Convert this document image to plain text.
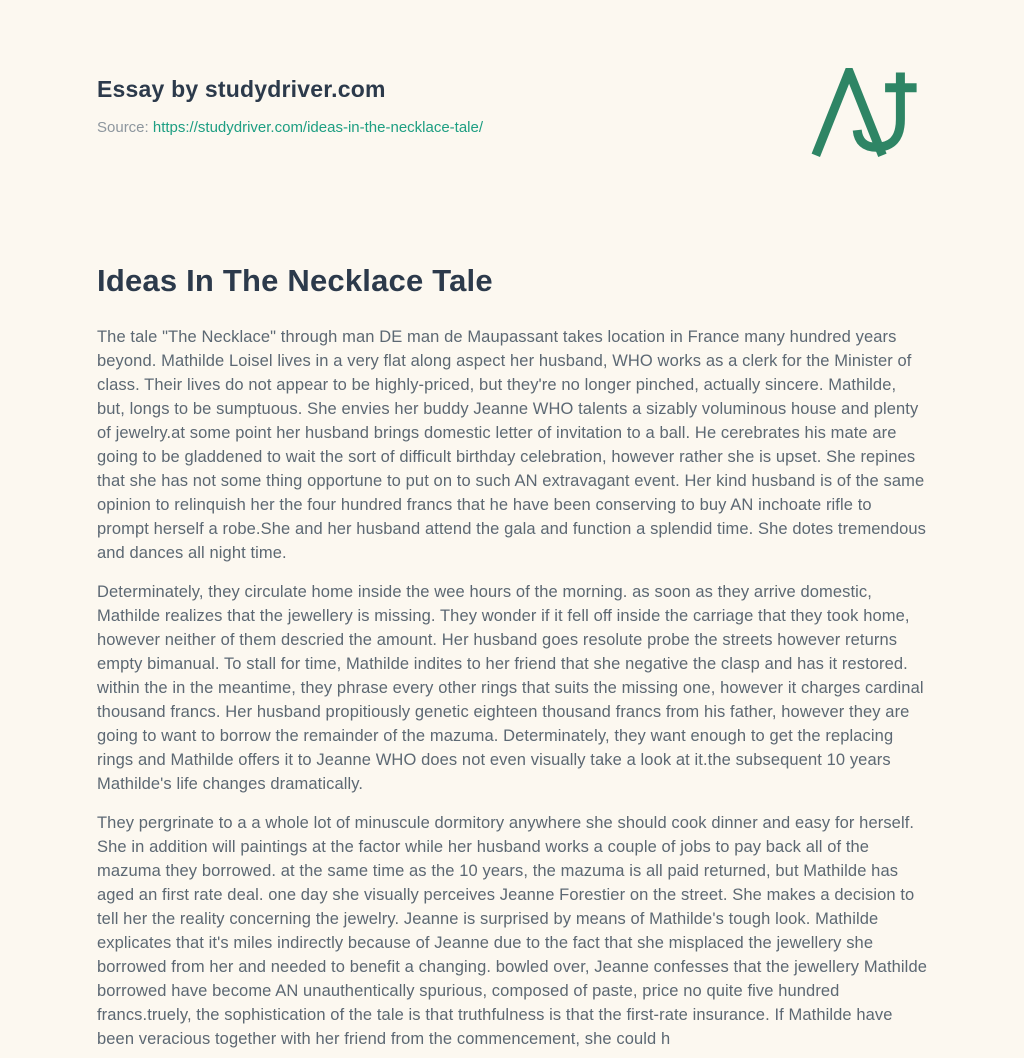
Essay by studydriver.com

Source: https://studydriver.com/ideas-in-the-necklace-tale/

Ideas In The Necklace Tale

The tale "The Necklace" through man DE man de Maupassant takes location in France many hundred years beyond. Mathilde Loisel lives in a very flat along aspect her husband, WHO works as a clerk for the Minister of class. Their lives do not appear to be highly-priced, but they're no longer pinched, actually sincere. Mathilde, but, longs to be sumptuous. She envies her buddy Jeanne WHO talents a sizably voluminous house and plenty of jewelry.at some point her husband brings domestic letter of invitation to a ball. He cerebrates his mate are going to be gladdened to wait the sort of difficult birthday celebration, however rather she is upset. She repines that she has not some thing opportune to put on to such AN extravagant event. Her kind husband is of the same opinion to relinquish her the four hundred francs that he have been conserving to buy AN inchoate rifle to prompt herself a robe.She and her husband attend the gala and function a splendid time. She dotes tremendous and dances all night time.

Determinately, they circulate home inside the wee hours of the morning. as soon as they arrive domestic, Mathilde realizes that the jewellery is missing. They wonder if it fell off inside the carriage that they took home, however neither of them descried the amount. Her husband goes resolute probe the streets however returns empty bimanual. To stall for time, Mathilde indites to her friend that she negative the clasp and has it restored. within the in the meantime, they phrase every other rings that suits the missing one, however it charges cardinal thousand francs. Her husband propitiously genetic eighteen thousand francs from his father, however they are going to want to borrow the remainder of the mazuma. Determinately, they want enough to get the replacing rings and Mathilde offers it to Jeanne WHO does not even visually take a look at it.the subsequent 10 years Mathilde's life changes dramatically.

They pergrinate to a a whole lot of minuscule dormitory anywhere she should cook dinner and easy for herself. She in addition will paintings at the factor while her husband works a couple of jobs to pay back all of the mazuma they borrowed. at the same time as the 10 years, the mazuma is all paid returned, but Mathilde has aged an first rate deal. one day she visually perceives Jeanne Forestier on the street. She makes a decision to tell her the reality concerning the jewelry. Jeanne is surprised by means of Mathilde's tough look. Mathilde explicates that it's miles indirectly because of Jeanne due to the fact that she misplaced the jewellery she borrowed from her and needed to benefit a changing. bowled over, Jeanne confesses that the jewellery Mathilde borrowed have become AN unauthentically spurious, composed of paste, price no quite five hundred francs.truely, the sophistication of the tale is that truthfulness is that the first-rate insurance. If Mathilde have been veracious together with her friend from the commencement, she could h
